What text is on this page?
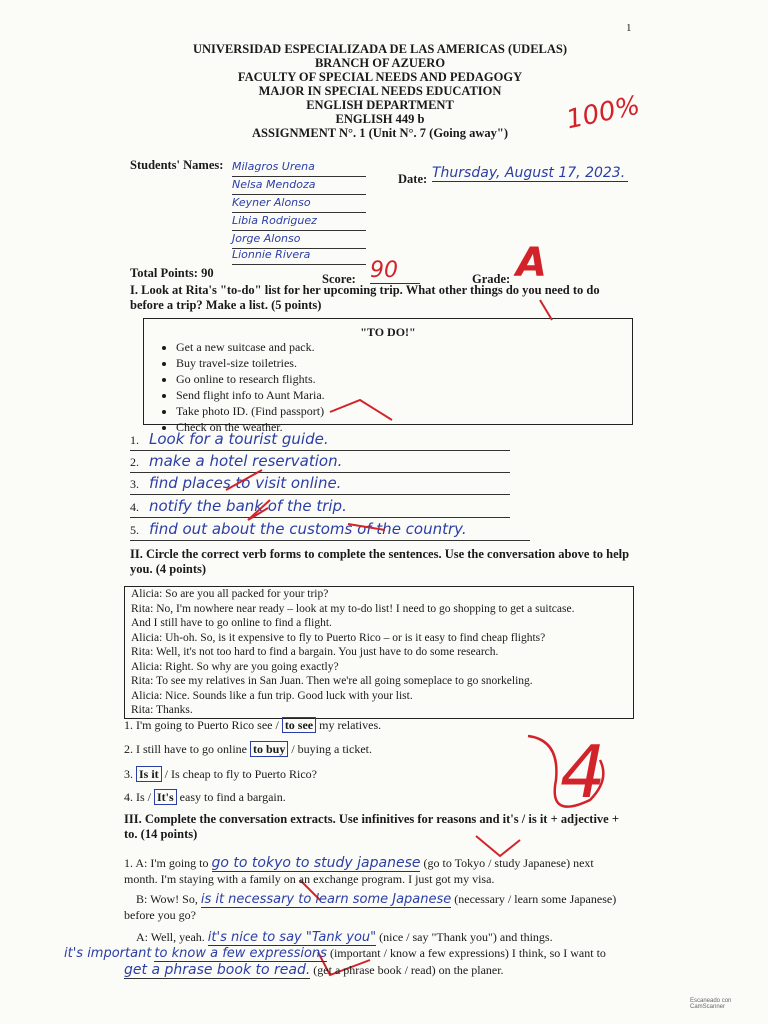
1
UNIVERSIDAD ESPECIALIZADA DE LAS AMERICAS (UDELAS)
BRANCH OF AZUERO
FACULTY OF SPECIAL NEEDS AND PEDAGOGY
MAJOR IN SPECIAL NEEDS EDUCATION
ENGLISH DEPARTMENT
ENGLISH 449 b
ASSIGNMENT N°. 1 (Unit N°. 7 (Going away")	100%
Students' Names: Milagros Urena
Nelsa Mendoza
Keyner Alonso
Libia Rodriguez
Jorge Alonso
Lionnie Rivera
Date: Thursday, August 17, 2023.
Total Points: 90	Score: 90	Grade: A
I. Look at Rita's "to-do" list for her upcoming trip. What other things do you need to do before a trip? Make a list. (5 points)
"TO DO!"
• Get a new suitcase and pack.
• Buy travel-size toiletries.
• Go online to research flights.
• Send flight info to Aunt Maria.
• Take photo ID. (Find passport)
• Check on the weather.
1. Look for a tourist guide.
2. make a hotel reservation.
3. find places to visit online.
4. notify the bank of the trip.
5. find out about the customs of the country.
II. Circle the correct verb forms to complete the sentences. Use the conversation above to help you. (4 points)
Alicia: So are you all packed for your trip?
Rita: No, I'm nowhere near ready – look at my to-do list! I need to go shopping to get a suitcase.
And I still have to go online to find a flight.
Alicia: Uh-oh. So, is it expensive to fly to Puerto Rico – or is it easy to find cheap flights?
Rita: Well, it's not too hard to find a bargain. You just have to do some research.
Alicia: Right. So why are you going exactly?
Rita: To see my relatives in San Juan. Then we're all going someplace to go snorkeling.
Alicia: Nice. Sounds like a fun trip. Good luck with your list.
Rita: Thanks.
1. I'm going to Puerto Rico see / to see my relatives.
2. I still have to go online to buy / buying a ticket.
3. Is it / Is cheap to fly to Puerto Rico?
4. Is / It's easy to find a bargain.	4
III. Complete the conversation extracts. Use infinitives for reasons and it's / is it + adjective + to. (14 points)
1. A: I'm going to go to tokyo to study japanese (go to Tokyo / study Japanese) next
month. I'm staying with a family on an exchange program. I just got my visa.
B: Wow! So, is it necessary to learn some Japanese (necessary / learn some Japanese)
before you go?
A: Well, yeah. it's nice to say "Tank you" (nice / say "Thank you") and things.
it's important to know a few expressions (important / know a few expressions) I think, so I want to
get a phrase book to read. (get a phrase book / read) on the planer.
Escaneado con CamScanner
